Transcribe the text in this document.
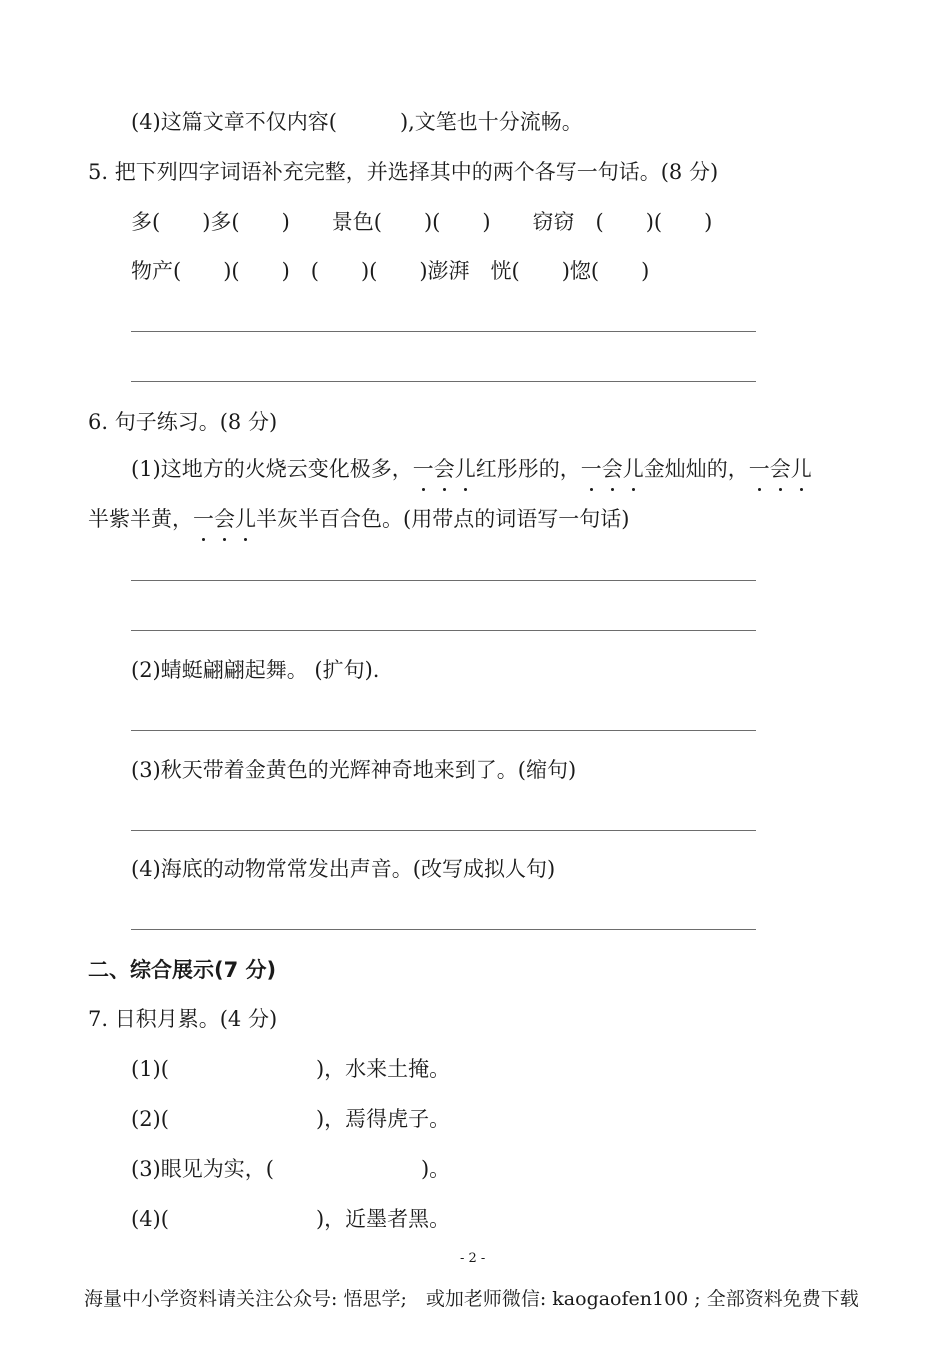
(4)这篇文章不仅内容(　　　),文笔也十分流畅。
5. 把下列四字词语补充完整，并选择其中的两个各写一句话。(8 分)
多(　　)多(　　)　　景色(　　)(　　)　　窃窃　(　　)(　　)
物产(　　)(　　)　(　　)(　　)澎湃　恍(　　)惚(　　)
6. 句子练习。(8 分)
(1)这地方的火烧云变化极多，一会儿红彤彤的，一会儿金灿灿的，一会儿
半紫半黄，一会儿半灰半百合色。(用带点的词语写一句话)
(2)蜻蜓翩翩起舞。 (扩句).
(3)秋天带着金黄色的光辉神奇地来到了。(缩句)
(4)海底的动物常常发出声音。(改写成拟人句)
二、综合展示(7 分)
7. 日积月累。(4 分)
(1)(　　　　　　　)，水来土掩。
(2)(　　　　　　　)，焉得虎子。
(3)眼见为实，(　　　　　　　)。
(4)(　　　　　　　)，近墨者黑。
- 2 -
海量中小学资料请关注公众号: 悟思学;　或加老师微信: kaogaofen100 ; 全部资料免费下载
